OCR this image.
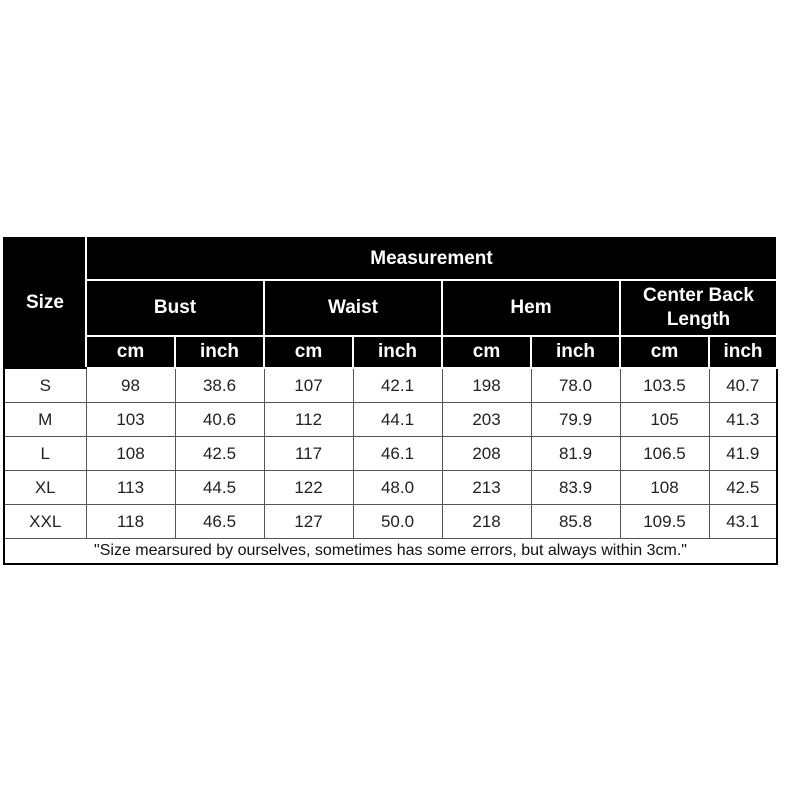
Size	Measurement							
	Bust		Waist		Hem		Center Back Length	
	cm	inch	cm	inch	cm	inch	cm	inch
S	98	38.6	107	42.1	198	78.0	103.5	40.7
M	103	40.6	112	44.1	203	79.9	105	41.3
L	108	42.5	117	46.1	208	81.9	106.5	41.9
XL	113	44.5	122	48.0	213	83.9	108	42.5
XXL	118	46.5	127	50.0	218	85.8	109.5	43.1
"Size mearsured by ourselves, sometimes has some errors, but always within 3cm."								
